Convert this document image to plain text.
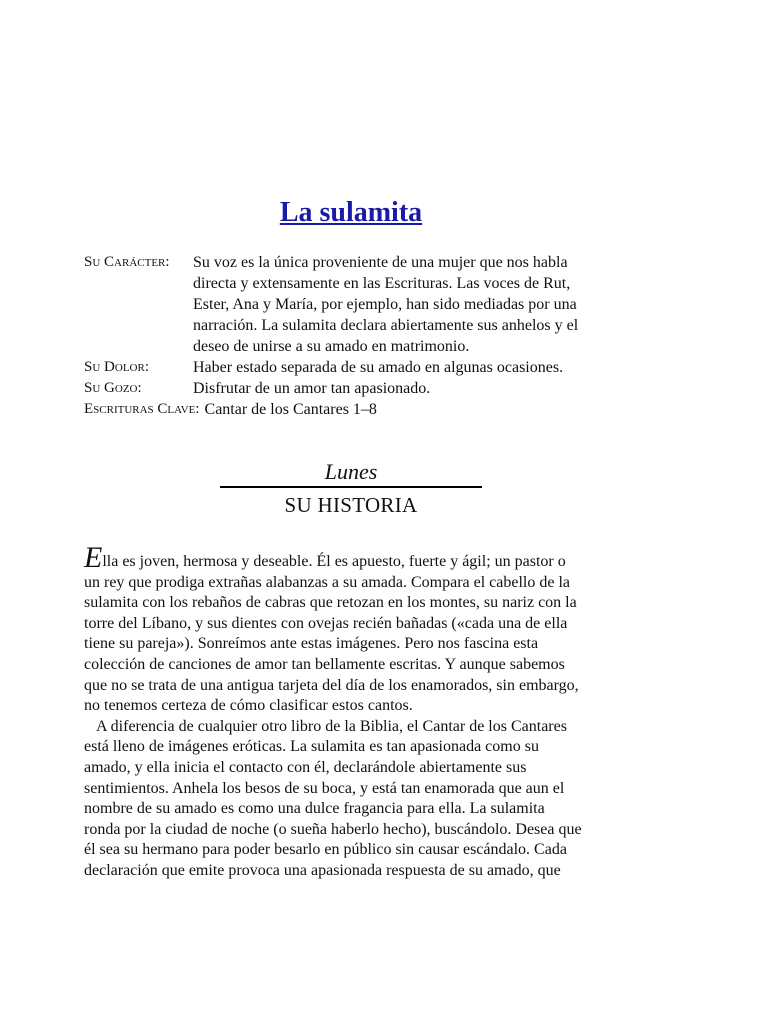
La sulamita
Su Carácter:	Su voz es la única proveniente de una mujer que nos habla
directa y extensamente en las Escrituras. Las voces de Rut,
Ester, Ana y María, por ejemplo, han sido mediadas por una
narración. La sulamita declara abiertamente sus anhelos y el
deseo de unirse a su amado en matrimonio.
Su Dolor:	Haber estado separada de su amado en algunas ocasiones.
Su Gozo:	Disfrutar de un amor tan apasionado.
Escrituras Clave: Cantar de los Cantares 1–8
Lunes
SU HISTORIA
Ella es joven, hermosa y deseable. Él es apuesto, fuerte y ágil; un pastor o
un rey que prodiga extrañas alabanzas a su amada. Compara el cabello de la
sulamita con los rebaños de cabras que retozan en los montes, su nariz con la
torre del Líbano, y sus dientes con ovejas recién bañadas («cada una de ella
tiene su pareja»). Sonreímos ante estas imágenes. Pero nos fascina esta
colección de canciones de amor tan bellamente escritas. Y aunque sabemos
que no se trata de una antigua tarjeta del día de los enamorados, sin embargo,
no tenemos certeza de cómo clasificar estos cantos.
A diferencia de cualquier otro libro de la Biblia, el Cantar de los Cantares
está lleno de imágenes eróticas. La sulamita es tan apasionada como su
amado, y ella inicia el contacto con él, declarándole abiertamente sus
sentimientos. Anhela los besos de su boca, y está tan enamorada que aun el
nombre de su amado es como una dulce fragancia para ella. La sulamita
ronda por la ciudad de noche (o sueña haberlo hecho), buscándolo. Desea que
él sea su hermano para poder besarlo en público sin causar escándalo. Cada
declaración que emite provoca una apasionada respuesta de su amado, que
